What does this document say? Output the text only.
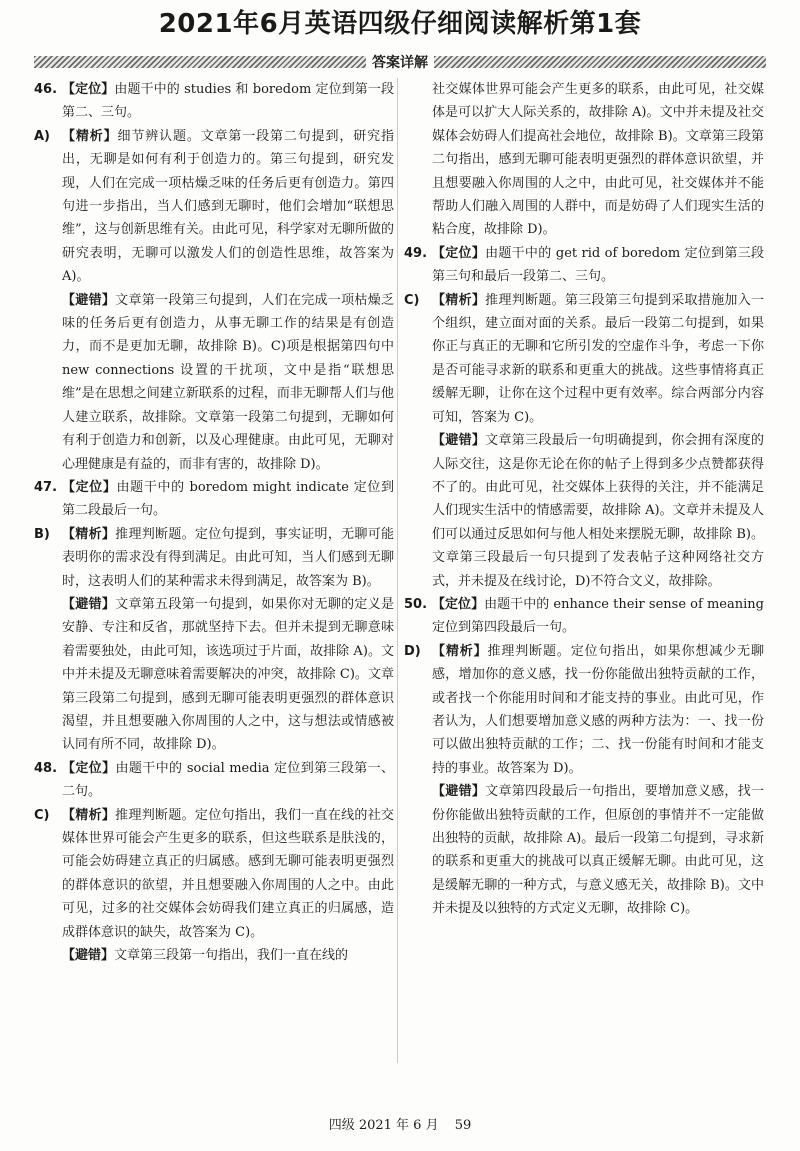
2021年6月英语四级仔细阅读解析第1套
答案详解

46. 【定位】由题干中的 studies 和 boredom 定位到第一段第二、三句。

A) 【精析】细节辨认题。文章第一段第二句提到，研究指出，无聊是如何有利于创造力的。第三句提到，研究发现，人们在完成一项枯燥乏味的任务后更有创造力。第四句进一步指出，当人们感到无聊时，他们会增加“联想思维”，这与创新思维有关。由此可见，科学家对无聊所做的研究表明，无聊可以激发人们的创造性思维，故答案为 A)。

【避错】文章第一段第三句提到，人们在完成一项枯燥乏味的任务后更有创造力，从事无聊工作的结果是有创造力，而不是更加无聊，故排除 B)。C)项是根据第四句中 new connections 设置的干扰项，文中是指“联想思维”是在思想之间建立新联系的过程，而非无聊帮人们与他人建立联系，故排除。文章第一段第二句提到，无聊如何有利于创造力和创新，以及心理健康。由此可见，无聊对心理健康是有益的，而非有害的，故排除 D)。

47. 【定位】由题干中的 boredom might indicate 定位到第二段最后一句。

B) 【精析】推理判断题。定位句提到，事实证明，无聊可能表明你的需求没有得到满足。由此可知，当人们感到无聊时，这表明人们的某种需求未得到满足，故答案为 B)。

【避错】文章第五段第一句提到，如果你对无聊的定义是安静、专注和反省，那就坚持下去。但并未提到无聊意味着需要独处，由此可知，该选项过于片面，故排除 A)。文中并未提及无聊意味着需要解决的冲突，故排除 C)。文章第三段第二句提到，感到无聊可能表明更强烈的群体意识渴望，并且想要融入你周围的人之中，这与想法或情感被认同有所不同，故排除 D)。

48. 【定位】由题干中的 social media 定位到第三段第一、二句。

C) 【精析】推理判断题。定位句指出，我们一直在线的社交媒体世界可能会产生更多的联系，但这些联系是肤浅的，可能会妨碍建立真正的归属感。感到无聊可能表明更强烈的群体意识的欲望，并且想要融入你周围的人之中。由此可见，过多的社交媒体会妨碍我们建立真正的归属感，造成群体意识的缺失，故答案为 C)。

【避错】文章第三段第一句指出，我们一直在线的

社交媒体世界可能会产生更多的联系，由此可见，社交媒体是可以扩大人际关系的，故排除 A)。文中并未提及社交媒体会妨碍人们提高社会地位，故排除 B)。文章第三段第二句指出，感到无聊可能表明更强烈的群体意识欲望，并且想要融入你周围的人之中，由此可见，社交媒体并不能帮助人们融入周围的人群中，而是妨碍了人们现实生活的粘合度，故排除 D)。

49. 【定位】由题干中的 get rid of boredom 定位到第三段第三句和最后一段第二、三句。

C) 【精析】推理判断题。第三段第三句提到采取措施加入一个组织，建立面对面的关系。最后一段第二句提到，如果你正与真正的无聊和它所引发的空虚作斗争，考虑一下你是否可能寻求新的联系和更重大的挑战。这些事情将真正缓解无聊，让你在这个过程中更有效率。综合两部分内容可知，答案为 C)。

【避错】文章第三段最后一句明确提到，你会拥有深度的人际交往，这是你无论在你的帖子上得到多少点赞都获得不了的。由此可见，社交媒体上获得的关注，并不能满足人们现实生活中的情感需要，故排除 A)。文章并未提及人们可以通过反思如何与他人相处来摆脱无聊，故排除 B)。文章第三段最后一句只提到了发表帖子这种网络社交方式，并未提及在线讨论，D)不符合文义，故排除。

50. 【定位】由题干中的 enhance their sense of meaning 定位到第四段最后一句。

D) 【精析】推理判断题。定位句指出，如果你想减少无聊感，增加你的意义感，找一份你能做出独特贡献的工作，或者找一个你能用时间和才能支持的事业。由此可见，作者认为，人们想要增加意义感的两种方法为：一、找一份可以做出独特贡献的工作；二、找一份能有时间和才能支持的事业。故答案为 D)。

【避错】文章第四段最后一句指出，要增加意义感，找一份你能做出独特贡献的工作，但原创的事情并不一定能做出独特的贡献，故排除 A)。最后一段第二句提到，寻求新的联系和更重大的挑战可以真正缓解无聊。由此可见，这是缓解无聊的一种方式，与意义感无关，故排除 B)。文中并未提及以独特的方式定义无聊，故排除 C)。

四级 2021 年 6 月 59
